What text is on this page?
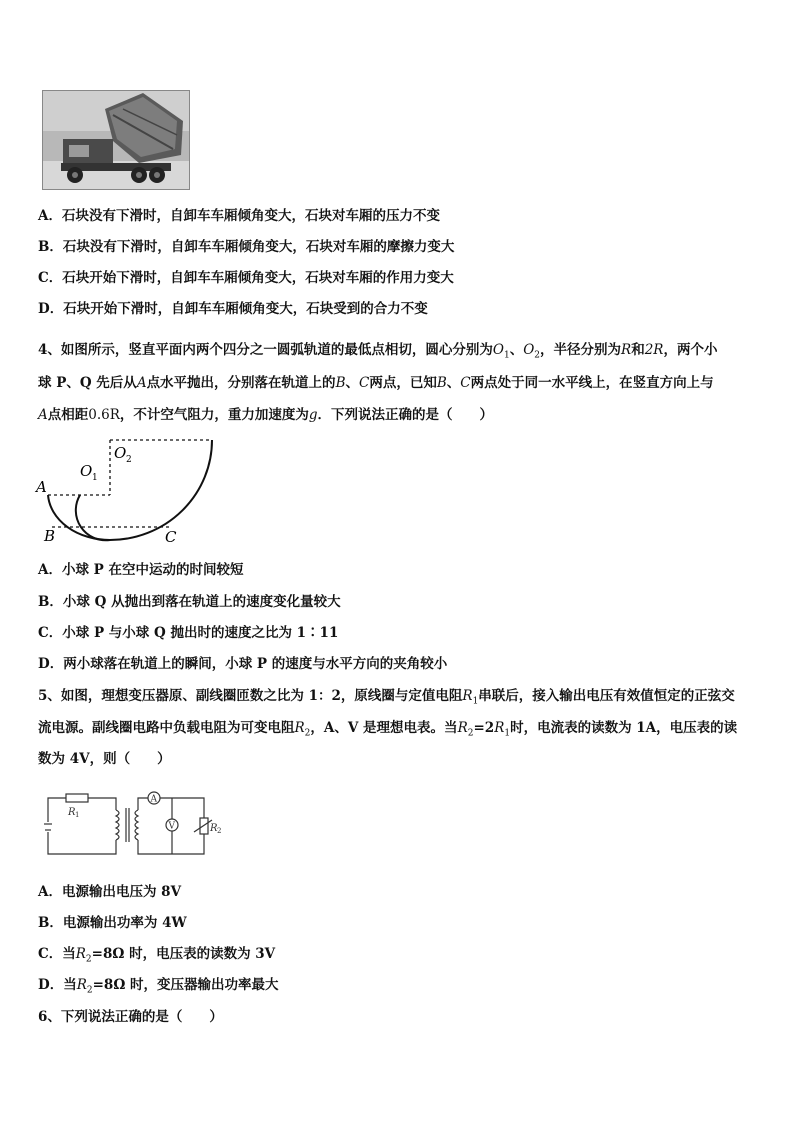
A．石块没有下滑时，自卸车车厢倾角变大，石块对车厢的压力不变
B．石块没有下滑时，自卸车车厢倾角变大，石块对车厢的摩擦力变大
C．石块开始下滑时，自卸车车厢倾角变大，石块对车厢的作用力变大
D．石块开始下滑时，自卸车车厢倾角变大，石块受到的合力不变
4、如图所示，竖直平面内两个四分之一圆弧轨道的最低点相切，圆心分别为$O_1$、$O_2$，半径分别为R和2R，两个小
球 P、Q 先后从A点水平抛出，分别落在轨道上的B、C两点，已知B、C两点处于同一水平线上，在竖直方向上与
A点相距0.6R，不计空气阻力，重力加速度为g．下列说法正确的是（　　）
A
B	C
O 1
O 2
A．小球 P 在空中运动的时间较短
B．小球 Q 从抛出到落在轨道上的速度变化量较大
C．小球 P 与小球 Q 抛出时的速度之比为 1∶11
D．两小球落在轨道上的瞬间，小球 P 的速度与水平方向的夹角较小
5、如图，理想变压器原、副线圈匝数之比为 1：2，原线圈与定值电阻$R_1$串联后，接入输出电压有效值恒定的正弦交
流电源。副线圈电路中负载电阻为可变电阻$R_2$，A、V 是理想电表。当$R_2=2R_1$时，电流表的读数为 1A，电压表的读
数为 4V，则（　　）
R 1
R 2
A
V
A．电源输出电压为 8V
B．电源输出功率为 4W
C．当$R_2=8\Omega$ 时，电压表的读数为 3V
D．当$R_2=8\Omega$ 时，变压器输出功率最大
6、下列说法正确的是（　　）
